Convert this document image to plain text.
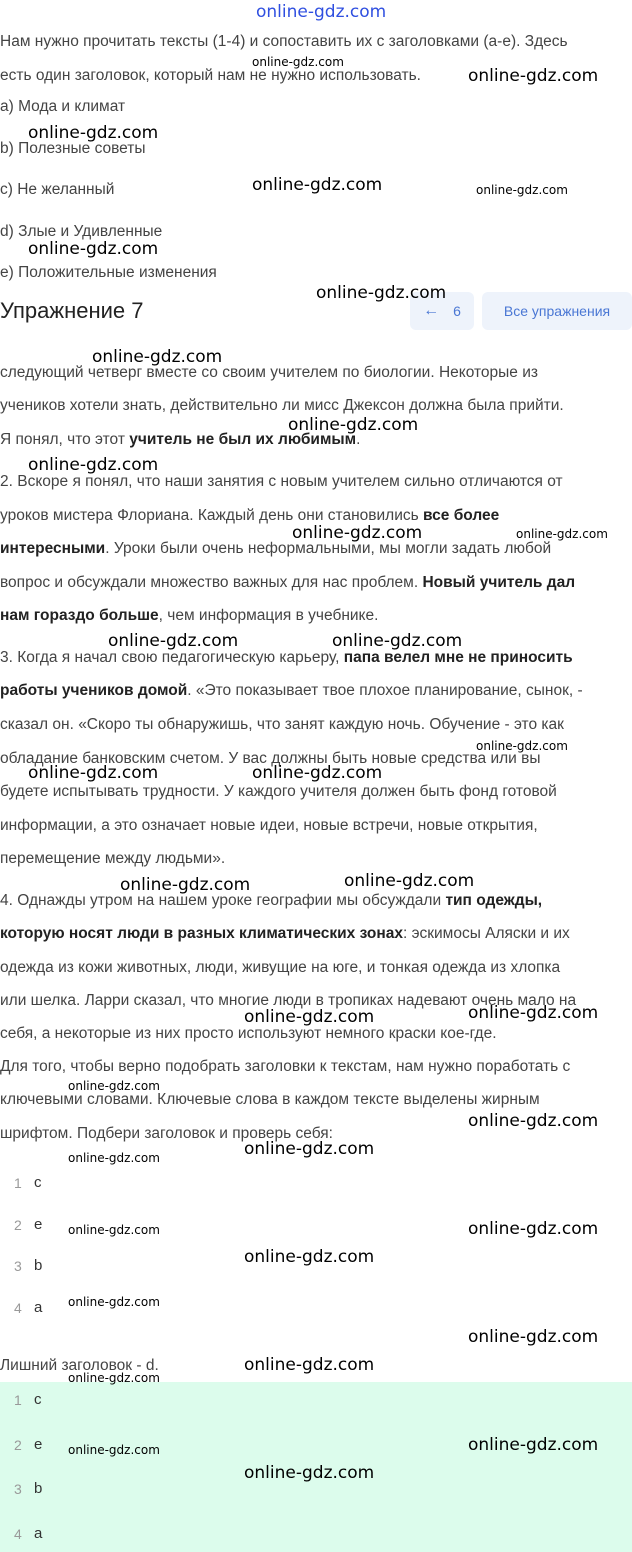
online-gdz.com
Нам нужно прочитать тексты (1-4) и сопоставить их с заголовками (a-e). Здесь
есть один заголовок, который нам не нужно использовать.
a) Мода и климат
b) Полезные советы
c) Не желанный
d) Злые и Удивленные
e) Положительные изменения
Упражнение 7	← 6	Все упражнения
следующий четверг вместе со своим учителем по биологии. Некоторые из
учеников хотели знать, действительно ли мисс Джексон должна была прийти.
Я понял, что этот учитель не был их любимым.
2. Вскоре я понял, что наши занятия с новым учителем сильно отличаются от
уроков мистера Флориана. Каждый день они становились все более
интересными. Уроки были очень неформальными, мы могли задать любой
вопрос и обсуждали множество важных для нас проблем. Новый учитель дал
нам гораздо больше, чем информация в учебнике.
3. Когда я начал свою педагогическую карьеру, папа велел мне не приносить
работы учеников домой. «Это показывает твое плохое планирование, сынок, -
сказал он. «Скоро ты обнаружишь, что занят каждую ночь. Обучение - это как
обладание банковским счетом. У вас должны быть новые средства или вы
будете испытывать трудности. У каждого учителя должен быть фонд готовой
информации, а это означает новые идеи, новые встречи, новые открытия,
перемещение между людьми».
4. Однажды утром на нашем уроке географии мы обсуждали тип одежды,
которую носят люди в разных климатических зонах: эскимосы Аляски и их
одежда из кожи животных, люди, живущие на юге, и тонкая одежда из хлопка
или шелка. Ларри сказал, что многие люди в тропиках надевают очень мало на
себя, а некоторые из них просто используют немного краски кое-где.
Для того, чтобы верно подобрать заголовки к текстам, нам нужно поработать с
ключевыми словами. Ключевые слова в каждом тексте выделены жирным
шрифтом. Подбери заголовок и проверь себя:
1 c
2 e
3 b
4 a
Лишний заголовок - d.
1 c
2 e
3 b
4 a
online-gdz.com
online-gdz.com
online-gdz.com
online-gdz.com	online-gdz.com
online-gdz.com
online-gdz.com
online-gdz.com
online-gdz.com
online-gdz.com
online-gdz.com	online-gdz.com
online-gdz.com	online-gdz.com
online-gdz.com
online-gdz.com	online-gdz.com
online-gdz.com	online-gdz.com
online-gdz.com	online-gdz.com
online-gdz.com
online-gdz.com
online-gdz.com
online-gdz.com
online-gdz.com	online-gdz.com
online-gdz.com
online-gdz.com
online-gdz.com
online-gdz.com
online-gdz.com
online-gdz.com	online-gdz.com
online-gdz.com
